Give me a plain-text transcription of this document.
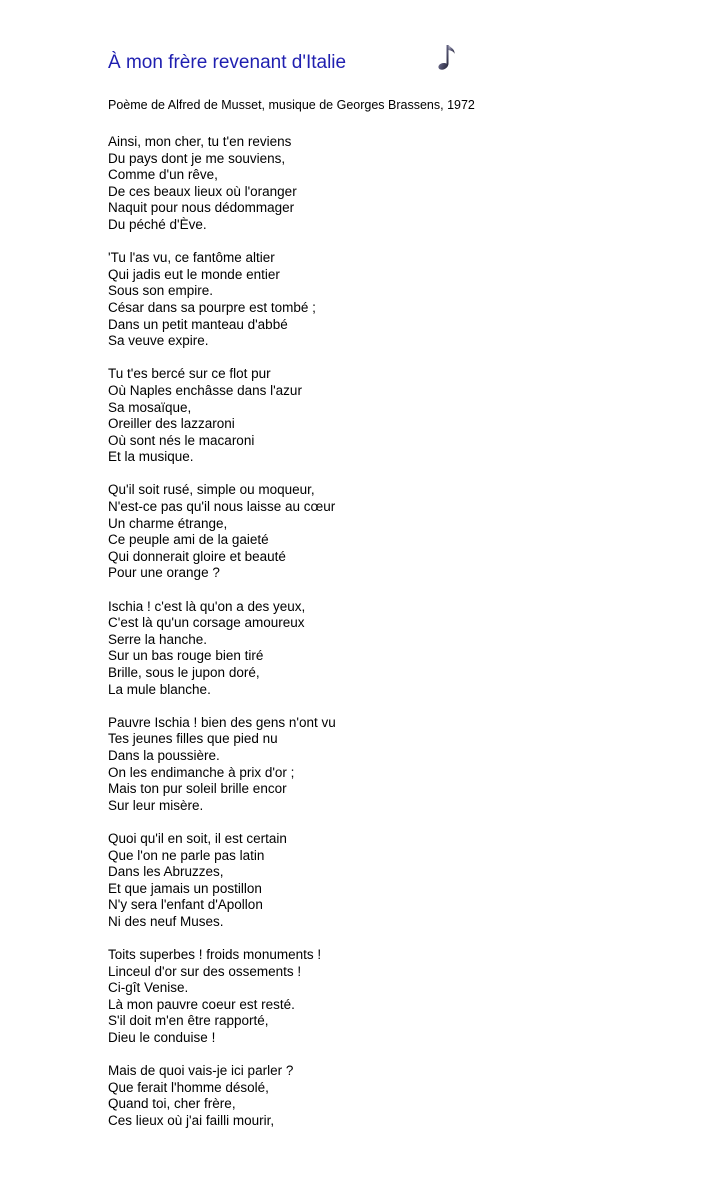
À mon frère revenant d'Italie
Poème de Alfred de Musset, musique de Georges Brassens, 1972
Ainsi, mon cher, tu t'en reviens
Du pays dont je me souviens,
Comme d'un rêve,
De ces beaux lieux où l'oranger
Naquit pour nous dédommager
Du péché d'Ève.
'Tu l'as vu, ce fantôme altier
Qui jadis eut le monde entier
Sous son empire.
César dans sa pourpre est tombé ;
Dans un petit manteau d'abbé
Sa veuve expire.
Tu t'es bercé sur ce flot pur
Où Naples enchâsse dans l'azur
Sa mosaïque,
Oreiller des lazzaroni
Où sont nés le macaroni
Et la musique.
Qu'il soit rusé, simple ou moqueur,
N'est-ce pas qu'il nous laisse au cœur
Un charme étrange,
Ce peuple ami de la gaieté
Qui donnerait gloire et beauté
Pour une orange ?
Ischia ! c'est là qu'on a des yeux,
C'est là qu'un corsage amoureux
Serre la hanche.
Sur un bas rouge bien tiré
Brille, sous le jupon doré,
La mule blanche.
Pauvre Ischia ! bien des gens n'ont vu
Tes jeunes filles que pied nu
Dans la poussière.
On les endimanche à prix d'or ;
Mais ton pur soleil brille encor
Sur leur misère.
Quoi qu'il en soit, il est certain
Que l'on ne parle pas latin
Dans les Abruzzes,
Et que jamais un postillon
N'y sera l'enfant d'Apollon
Ni des neuf Muses.
Toits superbes ! froids monuments !
Linceul d'or sur des ossements !
Ci-gît Venise.
Là mon pauvre coeur est resté.
S'il doit m'en être rapporté,
Dieu le conduise !
Mais de quoi vais-je ici parler ?
Que ferait l'homme désolé,
Quand toi, cher frère,
Ces lieux où j'ai failli mourir,
